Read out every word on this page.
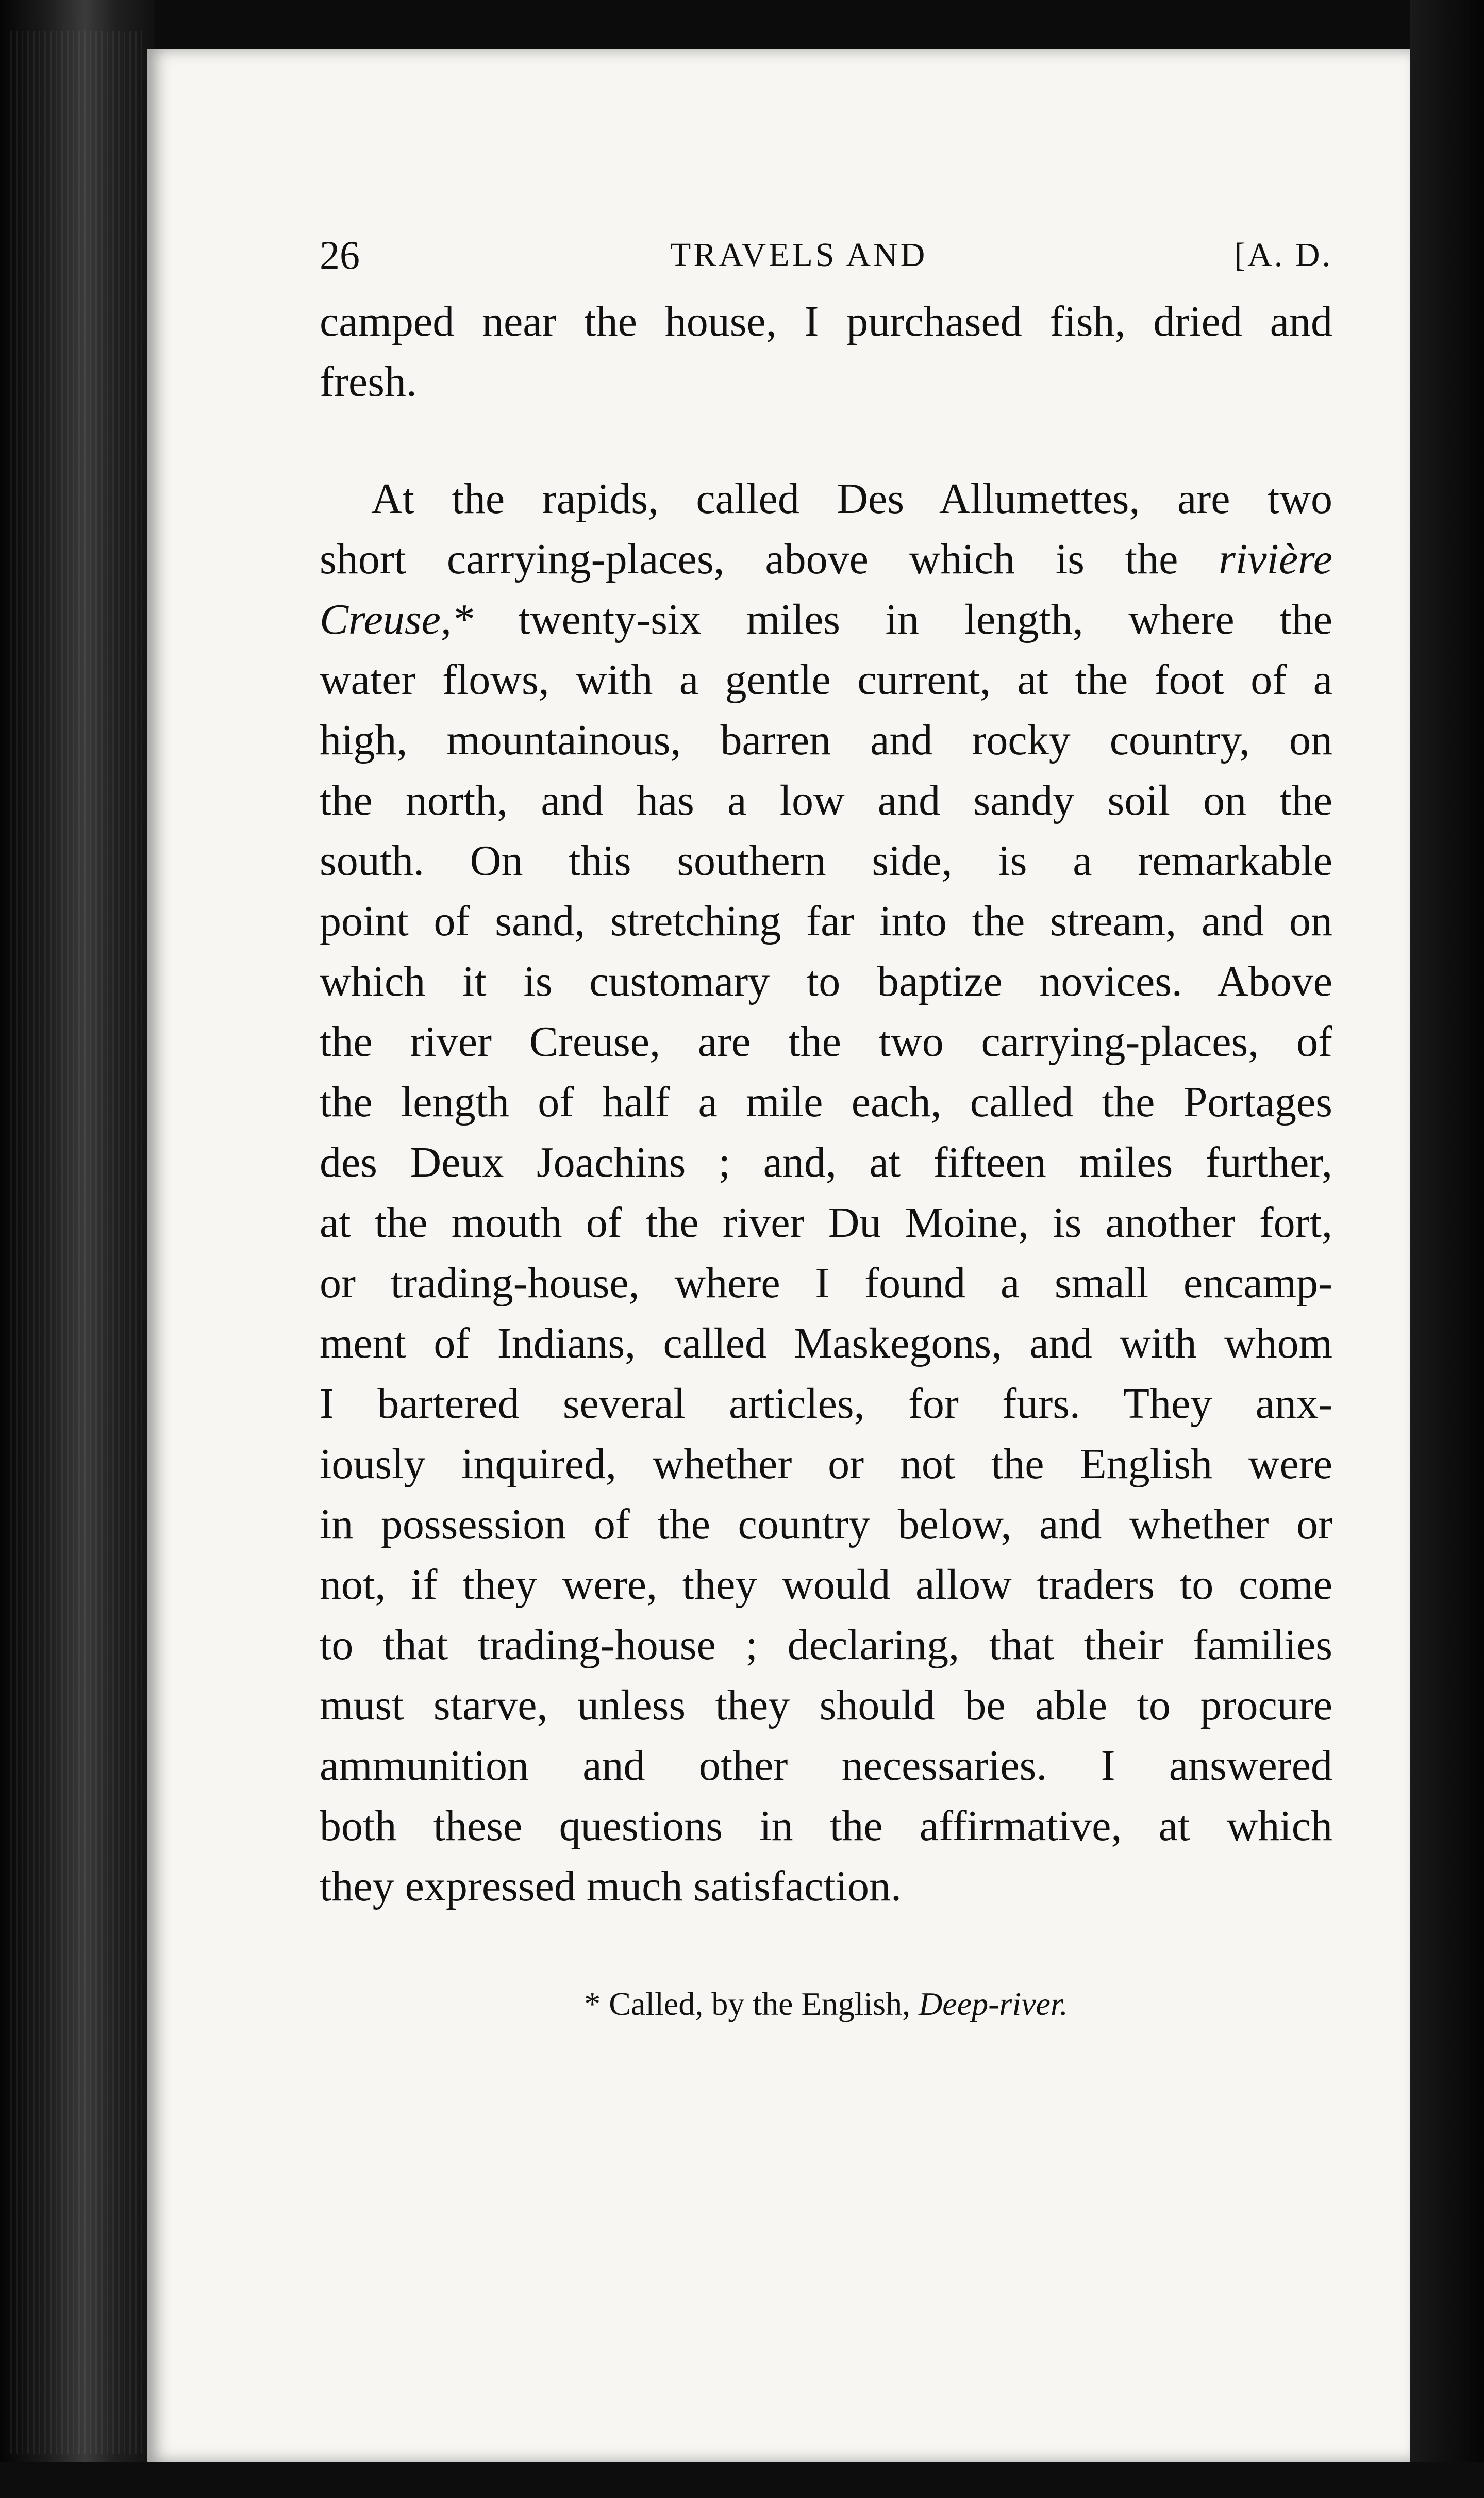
26	TRAVELS AND	[A. D.

camped near the house, I purchased fish, dried and
fresh.

At the rapids, called Des Allumettes, are two
short carrying-places, above which is the rivière
Creuse,* twenty-six miles in length, where the
water flows, with a gentle current, at the foot of a
high, mountainous, barren and rocky country, on
the north, and has a low and sandy soil on the
south. On this southern side, is a remarkable
point of sand, stretching far into the stream, and on
which it is customary to baptize novices. Above
the river Creuse, are the two carrying-places, of
the length of half a mile each, called the Portages
des Deux Joachins ; and, at fifteen miles further,
at the mouth of the river Du Moine, is another fort,
or trading-house, where I found a small encamp-
ment of Indians, called Maskegons, and with whom
I bartered several articles, for furs. They anx-
iously inquired, whether or not the English were
in possession of the country below, and whether or
not, if they were, they would allow traders to come
to that trading-house ; declaring, that their families
must starve, unless they should be able to procure
ammunition and other necessaries. I answered
both these questions in the affirmative, at which
they expressed much satisfaction.

* Called, by the English, Deep-river.
